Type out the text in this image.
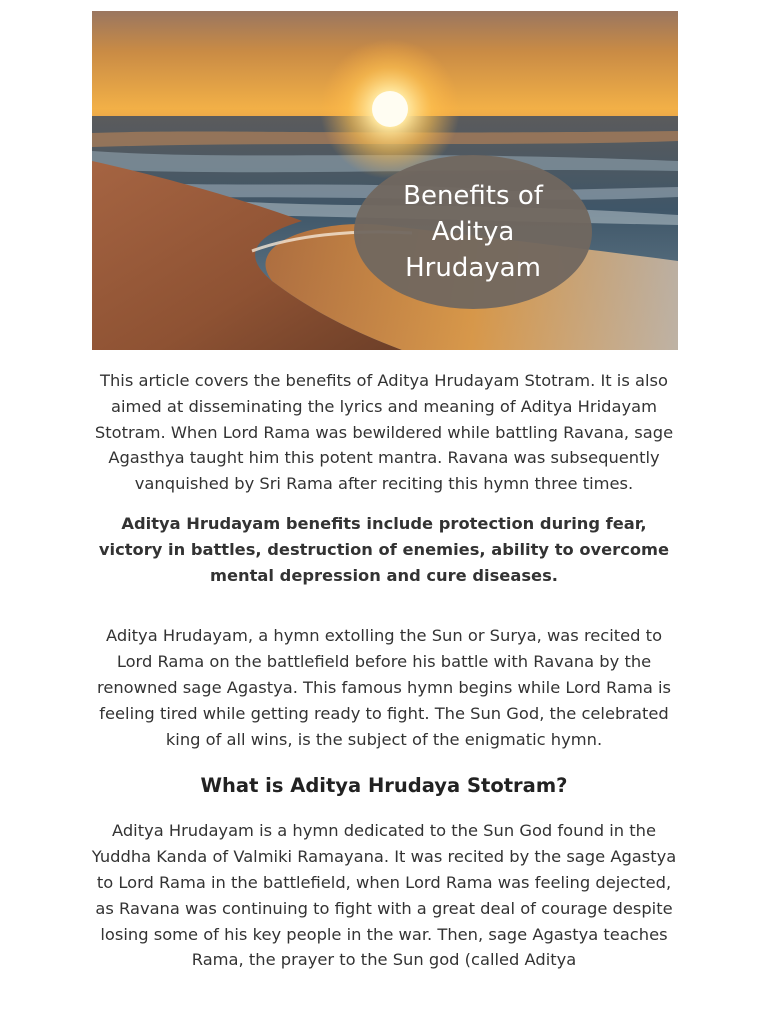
Benefits of Aditya Hrudayam

This article covers the benefits of Aditya Hrudayam Stotram. It is also aimed at disseminating the lyrics and meaning of Aditya Hridayam Stotram. When Lord Rama was bewildered while battling Ravana, sage Agasthya taught him this potent mantra. Ravana was subsequently vanquished by Sri Rama after reciting this hymn three times.

Aditya Hrudayam benefits include protection during fear, victory in battles, destruction of enemies, ability to overcome mental depression and cure diseases.

Aditya Hrudayam, a hymn extolling the Sun or Surya, was recited to Lord Rama on the battlefield before his battle with Ravana by the renowned sage Agastya. This famous hymn begins while Lord Rama is feeling tired while getting ready to fight. The Sun God, the celebrated king of all wins, is the subject of the enigmatic hymn.

What is Aditya Hrudaya Stotram?

Aditya Hrudayam is a hymn dedicated to the Sun God found in the Yuddha Kanda of Valmiki Ramayana. It was recited by the sage Agastya to Lord Rama in the battlefield, when Lord Rama was feeling dejected, as Ravana was continuing to fight with a great deal of courage despite losing some of his key people in the war. Then, sage Agastya teaches Rama, the prayer to the Sun god (called Aditya
